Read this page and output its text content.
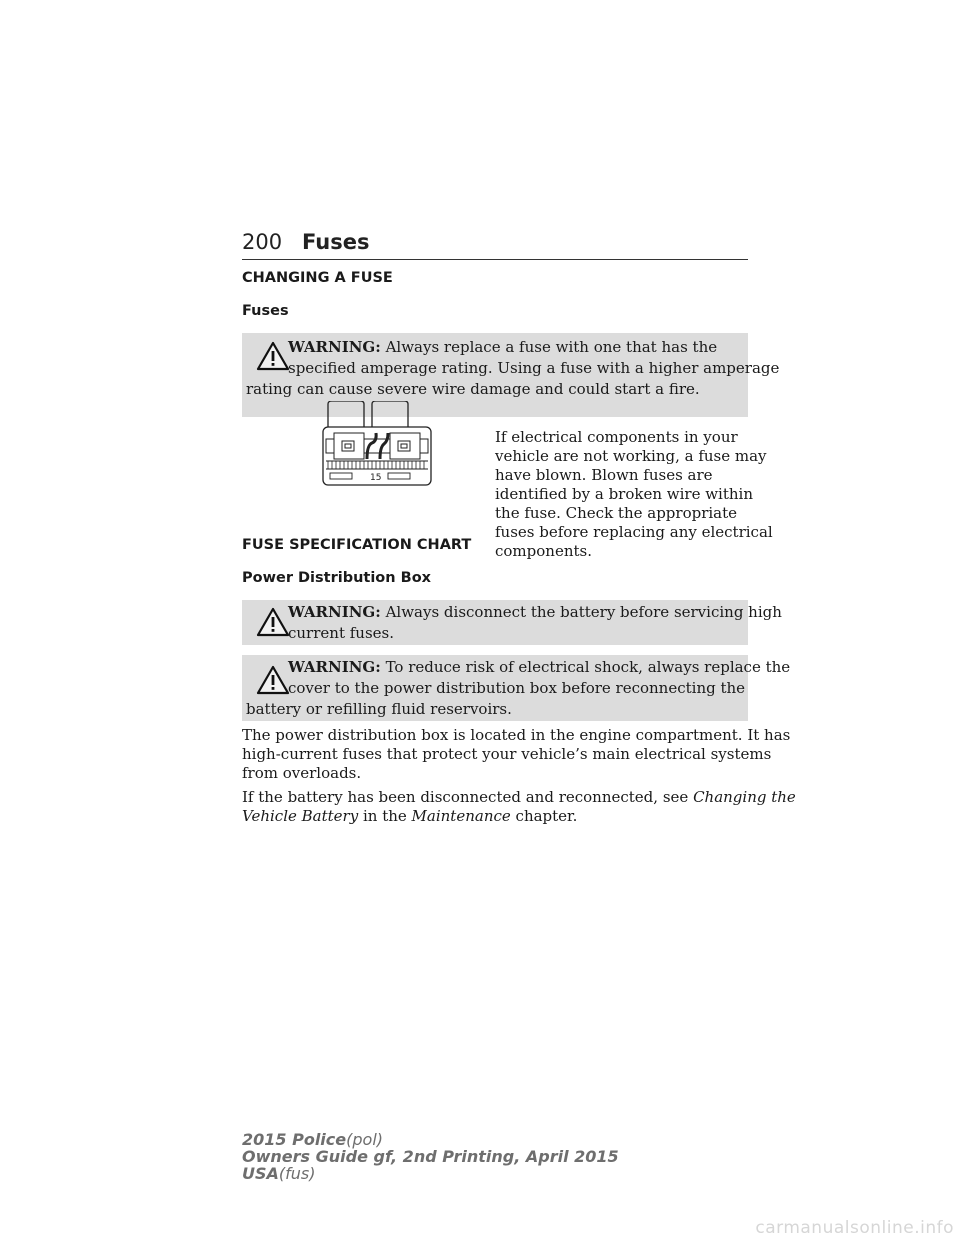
200 Fuses
CHANGING A FUSE
Fuses
WARNING: Always replace a fuse with one that has the
specified amperage rating. Using a fuse with a higher amperage
rating can cause severe wire damage and could start a fire.
15
If electrical components in your
vehicle are not working, a fuse may
have blown. Blown fuses are
identified by a broken wire within
the fuse. Check the appropriate
fuses before replacing any electrical
components.
FUSE SPECIFICATION CHART
Power Distribution Box
WARNING: Always disconnect the battery before servicing high
current fuses.
WARNING: To reduce risk of electrical shock, always replace the
cover to the power distribution box before reconnecting the
battery or refilling fluid reservoirs.
The power distribution box is located in the engine compartment. It has
high-current fuses that protect your vehicle’s main electrical systems
from overloads.
If the battery has been disconnected and reconnected, see Changing the
Vehicle Battery in the Maintenance chapter.
2015 Police(pol)
Owners Guide gf, 2nd Printing, April 2015
USA(fus)
carmanualsonline.info
